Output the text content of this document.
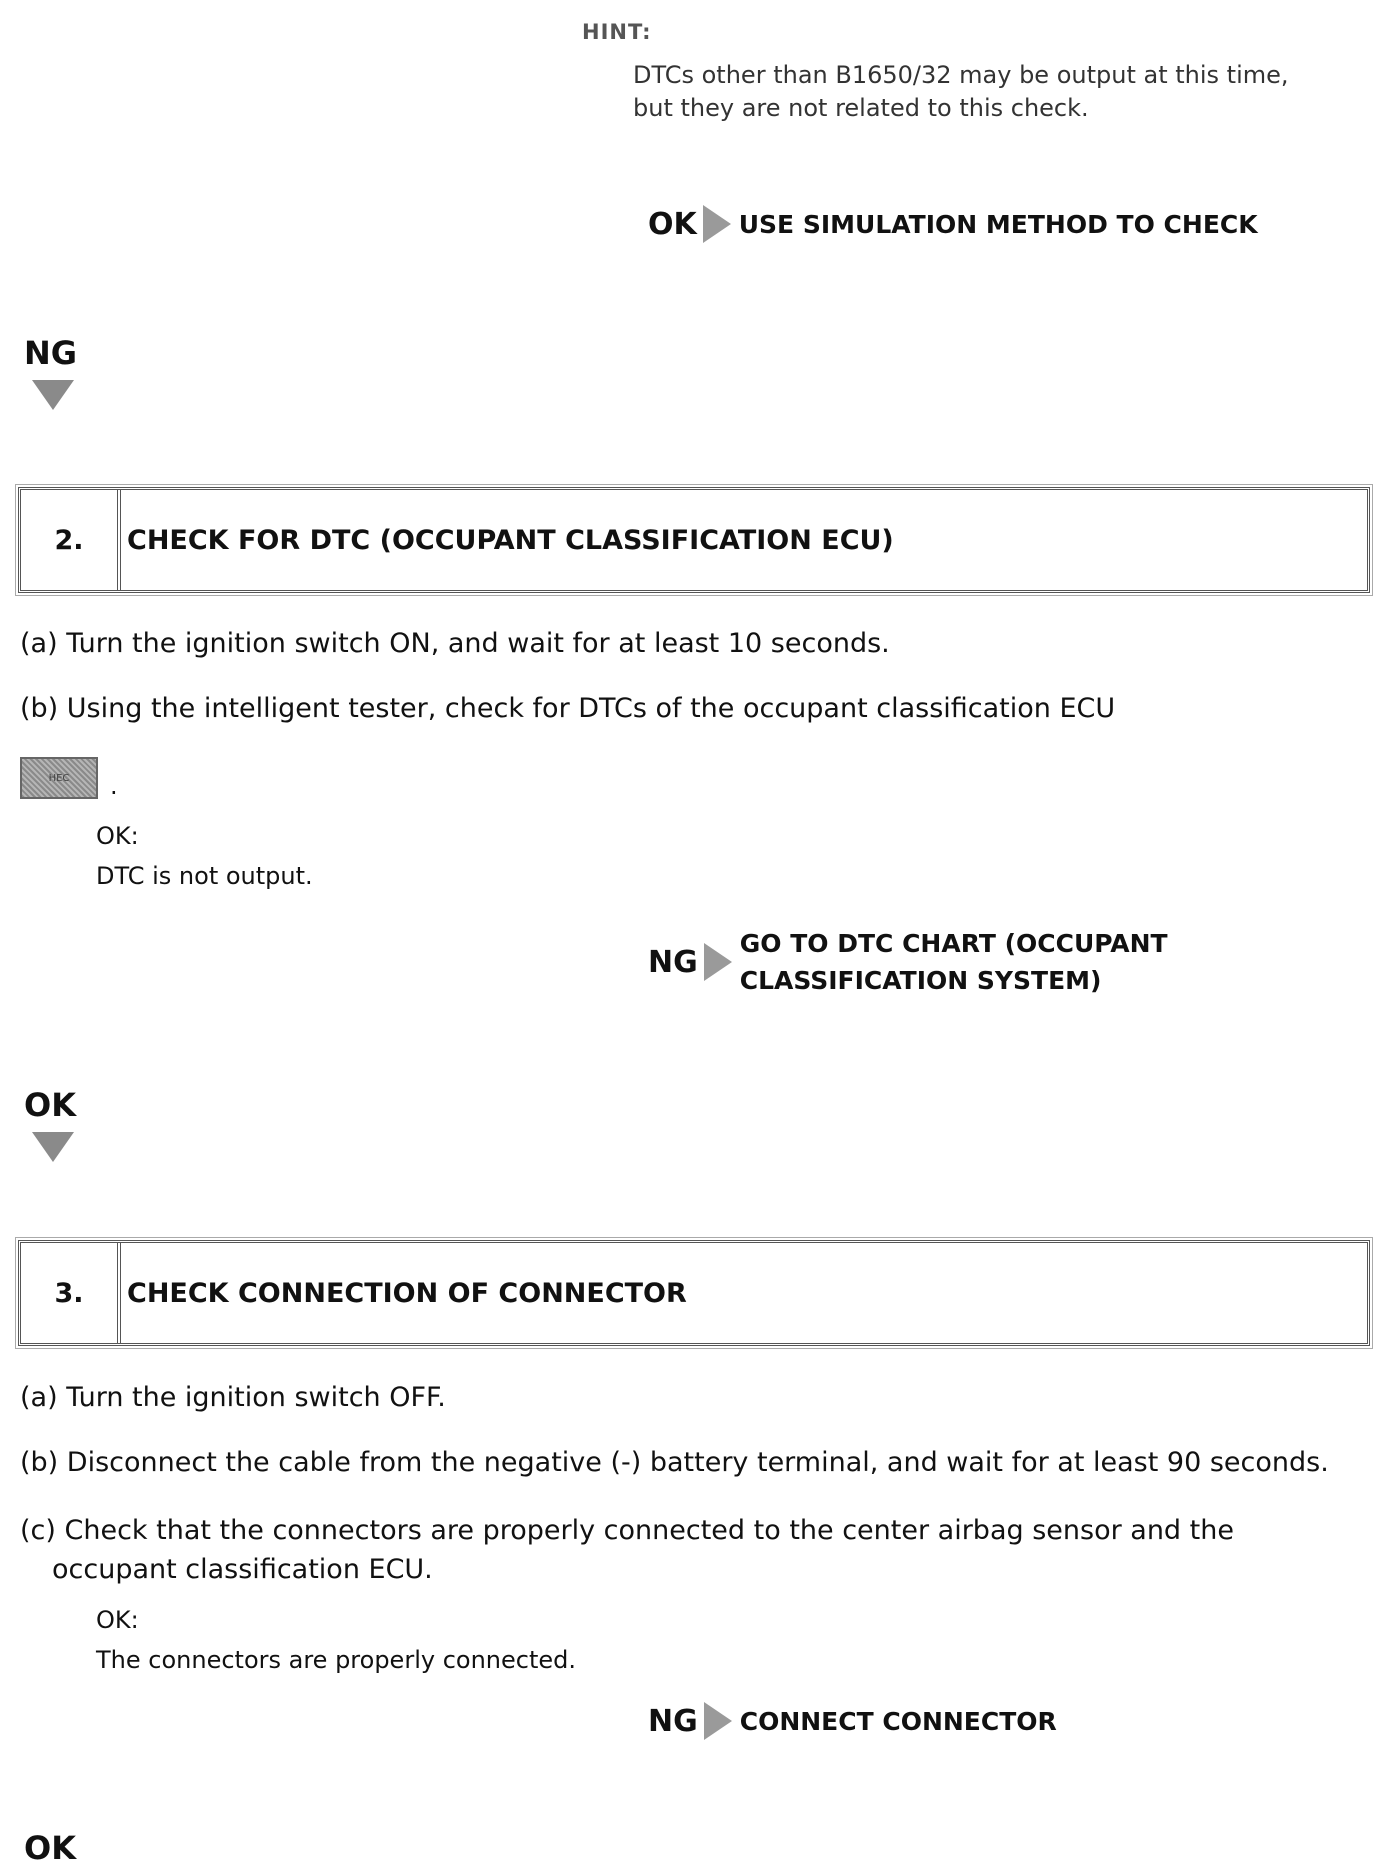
HINT:
DTCs other than B1650/32 may be output at this time,
but they are not related to this check.
OK USE SIMULATION METHOD TO CHECK
NG
2.	CHECK FOR DTC (OCCUPANT CLASSIFICATION ECU)
(a) Turn the ignition switch ON, and wait for at least 10 seconds.
(b) Using the intelligent tester, check for DTCs of the occupant classification ECU
HEC .
OK:
DTC is not output.
NG
GO TO DTC CHART (OCCUPANT
CLASSIFICATION SYSTEM)
OK
3.	CHECK CONNECTION OF CONNECTOR
(a) Turn the ignition switch OFF.
(b) Disconnect the cable from the negative (-) battery terminal, and wait for at least 90 seconds.
(c) Check that the connectors are properly connected to the center airbag sensor and the
occupant classification ECU.
OK:
The connectors are properly connected.
NG CONNECT CONNECTOR
OK
